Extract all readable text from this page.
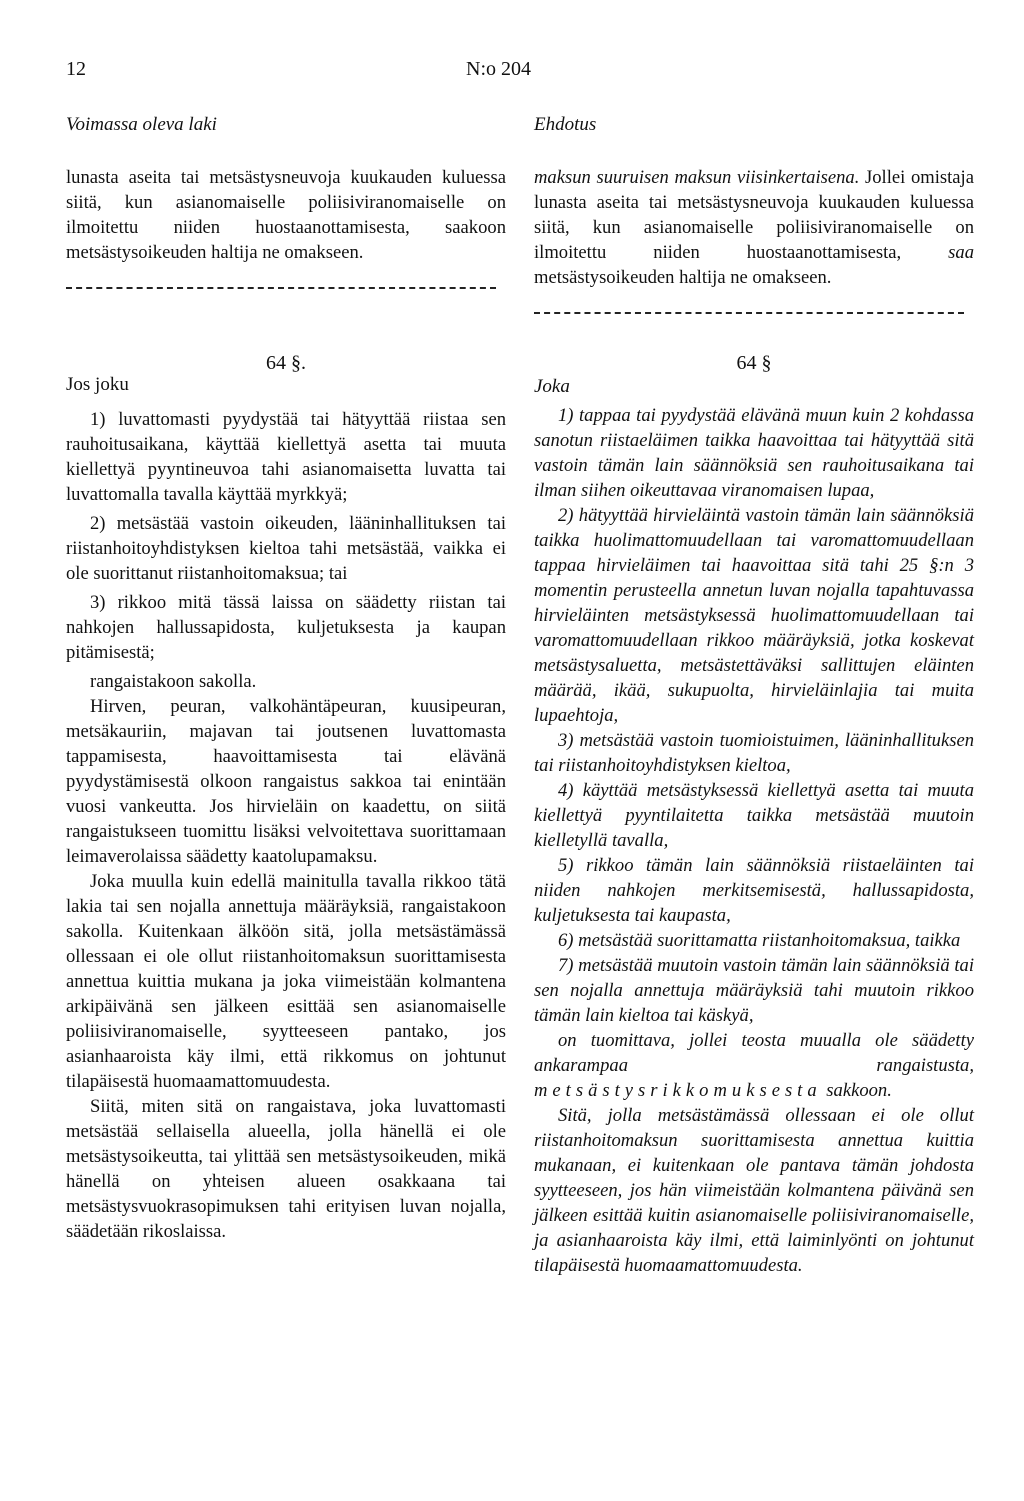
12	N:o 204

Voimassa oleva laki

lunasta aseita tai metsästysneuvoja kuukauden kuluessa siitä, kun asianomaiselle poliisiviranomaiselle on ilmoitettu niiden huostaanottamisesta, saakoon metsästysoikeuden haltija ne omakseen.

64 §.

Jos joku

1) luvattomasti pyydystää tai hätyyttää riistaa sen rauhoitusaikana, käyttää kiellettyä asetta tai muuta kiellettyä pyyntineuvoa tahi asianomaisetta luvatta tai luvattomalla tavalla käyttää myrkkyä;

2) metsästää vastoin oikeuden, lääninhallituksen tai riistanhoitoyhdistyksen kieltoa tahi metsästää, vaikka ei ole suorittanut riistanhoitomaksua; tai

3) rikkoo mitä tässä laissa on säädetty riistan tai nahkojen hallussapidosta, kuljetuksesta ja kaupan pitämisestä;

rangaistakoon sakolla.

Hirven, peuran, valkohäntäpeuran, kuusipeuran, metsäkauriin, majavan tai joutsenen luvattomasta tappamisesta, haavoittamisesta tai elävänä pyydystämisestä olkoon rangaistus sakkoa tai enintään vuosi vankeutta. Jos hirvieläin on kaadettu, on siitä rangaistukseen tuomittu lisäksi velvoitettava suorittamaan leimaverolaissa säädetty kaatolupamaksu.

Joka muulla kuin edellä mainitulla tavalla rikkoo tätä lakia tai sen nojalla annettuja määräyksiä, rangaistakoon sakolla. Kuitenkaan älköön sitä, jolla metsästämässä ollessaan ei ole ollut riistanhoitomaksun suorittamisesta annettua kuittia mukana ja joka viimeistään kolmantena arkipäivänä sen jälkeen esittää sen asianomaiselle poliisiviranomaiselle, syytteeseen pantako, jos asianhaaroista käy ilmi, että rikkomus on johtunut tilapäisestä huomaamattomuudesta.

Siitä, miten sitä on rangaistava, joka luvattomasti metsästää sellaisella alueella, jolla hänellä ei ole metsästysoikeutta, tai ylittää sen metsästysoikeuden, mikä hänellä on yhteisen alueen osakkaana tai metsästysvuokrasopimuksen tahi erityisen luvan nojalla, säädetään rikoslaissa.

Ehdotus

maksun suuruisen maksun viisinkertaisena. Jollei omistaja lunasta aseita tai metsästysneuvoja kuukauden kuluessa siitä, kun asianomaiselle poliisiviranomaiselle on ilmoitettu niiden huostaanottamisesta, saa metsästysoikeuden haltija ne omakseen.

64 §

Joka

1) tappaa tai pyydystää elävänä muun kuin 2 kohdassa sanotun riistaeläimen taikka haavoittaa tai hätyyttää sitä vastoin tämän lain säännöksiä sen rauhoitusaikana tai ilman siihen oikeuttavaa viranomaisen lupaa,

2) hätyyttää hirvieläintä vastoin tämän lain säännöksiä taikka huolimattomuudellaan tai varomattomuudellaan tappaa hirvieläimen tai haavoittaa sitä tahi 25 §:n 3 momentin perusteella annetun luvan nojalla tapahtuvassa hirvieläinten metsästyksessä huolimattomuudellaan tai varomattomuudellaan rikkoo määräyksiä, jotka koskevat metsästysaluetta, metsästettäväksi sallittujen eläinten määrää, ikää, sukupuolta, hirvieläinlajia tai muita lupaehtoja,

3) metsästää vastoin tuomioistuimen, lääninhallituksen tai riistanhoitoyhdistyksen kieltoa,

4) käyttää metsästyksessä kiellettyä asetta tai muuta kiellettyä pyyntilaitetta taikka metsästää muutoin kielletyllä tavalla,

5) rikkoo tämän lain säännöksiä riistaeläinten tai niiden nahkojen merkitsemisestä, hallussapidosta, kuljetuksesta tai kaupasta,

6) metsästää suorittamatta riistanhoitomaksua, taikka

7) metsästää muutoin vastoin tämän lain säännöksiä tai sen nojalla annettuja määräyksiä tahi muutoin rikkoo tämän lain kieltoa tai käskyä,

on tuomittava, jollei teosta muualla ole säädetty ankarampaa rangaistusta, metsästysrikkomuksesta sakkoon.

Sitä, jolla metsästämässä ollessaan ei ole ollut riistanhoitomaksun suorittamisesta annettua kuittia mukanaan, ei kuitenkaan ole pantava tämän johdosta syytteeseen, jos hän viimeistään kolmantena päivänä sen jälkeen esittää kuitin asianomaiselle poliisiviranomaiselle, ja asianhaaroista käy ilmi, että laiminlyönti on johtunut tilapäisestä huomaamattomuudesta.
